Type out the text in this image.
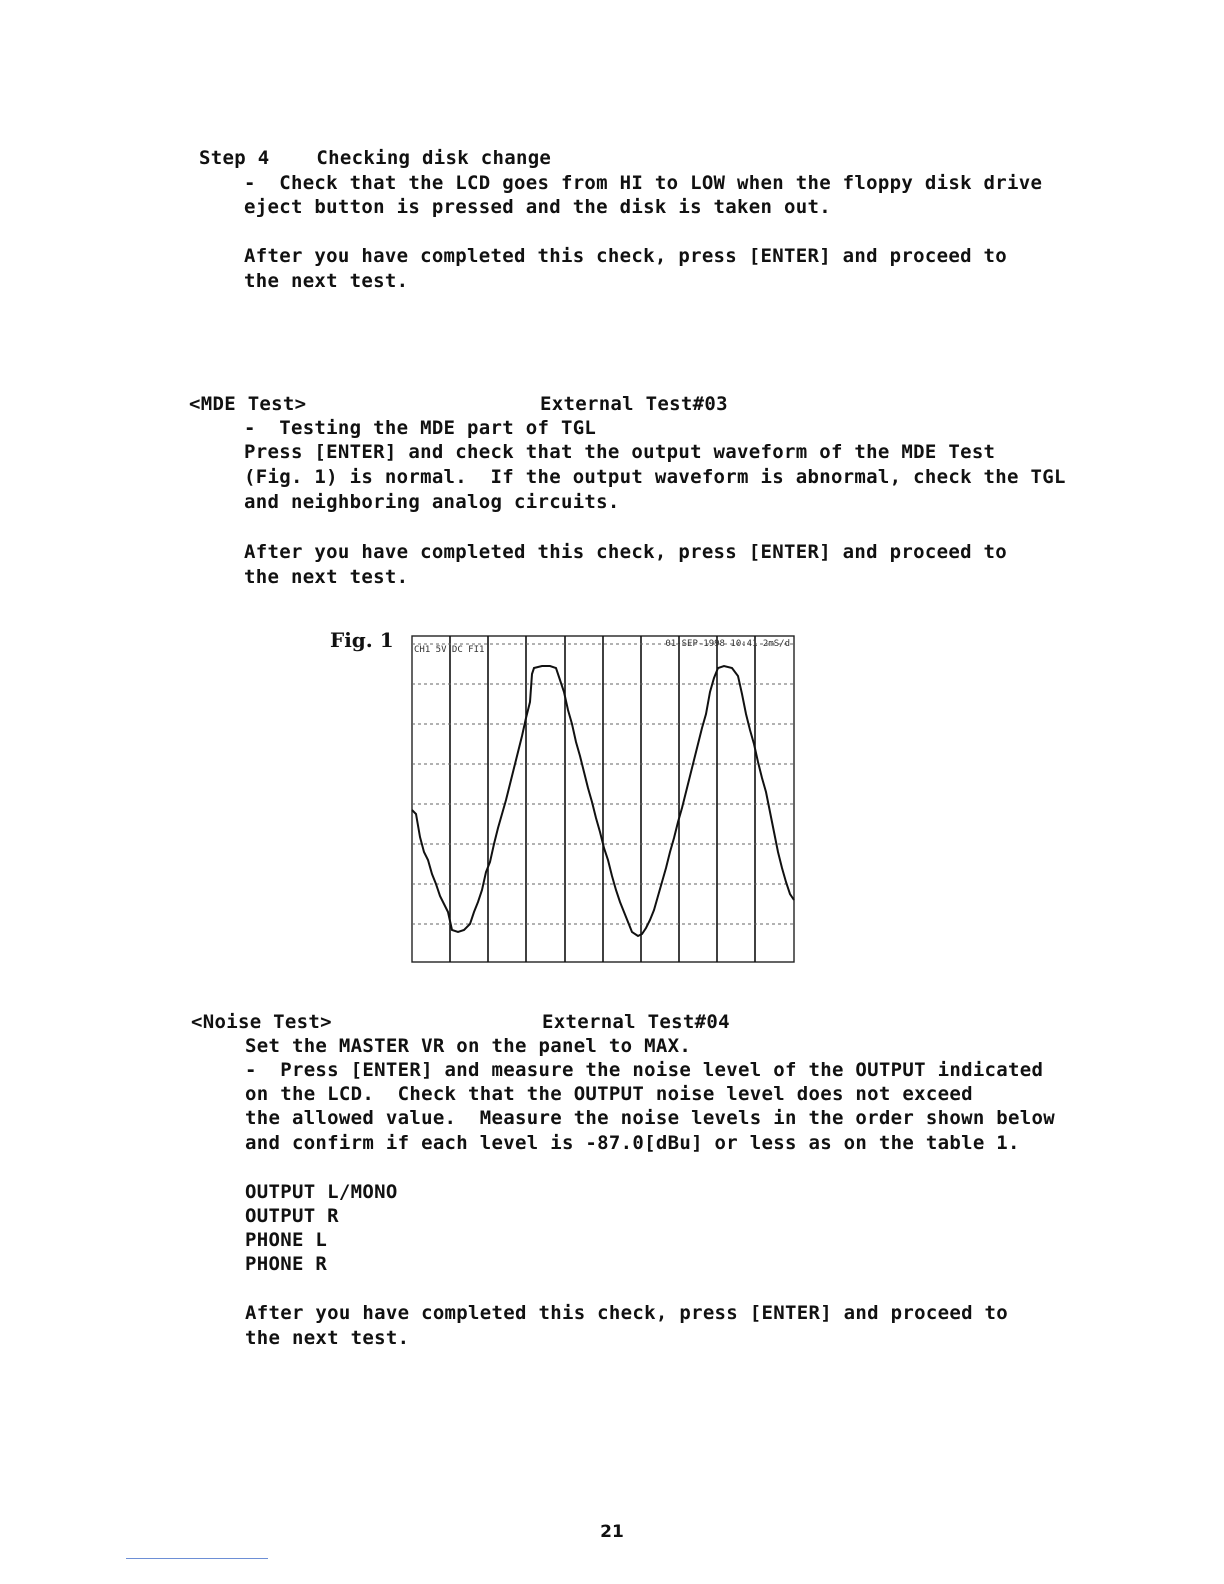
Step 4    Checking disk change
-  Check that the LCD goes from HI to LOW when the floppy disk drive
eject button is pressed and the disk is taken out.
After you have completed this check, press [ENTER] and proceed to
the next test.
<MDE Test>	External Test#03
-  Testing the MDE part of TGL
Press [ENTER] and check that the output waveform of the MDE Test
(Fig. 1) is normal.  If the output waveform is abnormal, check the TGL
and neighboring analog circuits.
After you have completed this check, press [ENTER] and proceed to
the next test.
Fig. 1 CH1 5V DC FI1
01-SEP-1998 10:41 2mS/d
<Noise Test>	External Test#04
Set the MASTER VR on the panel to MAX.
-  Press [ENTER] and measure the noise level of the OUTPUT indicated
on the LCD.  Check that the OUTPUT noise level does not exceed
the allowed value.  Measure the noise levels in the order shown below
and confirm if each level is -87.0[dBu] or less as on the table 1.
OUTPUT L/MONO
OUTPUT R
PHONE L
PHONE R
After you have completed this check, press [ENTER] and proceed to
the next test.
21
